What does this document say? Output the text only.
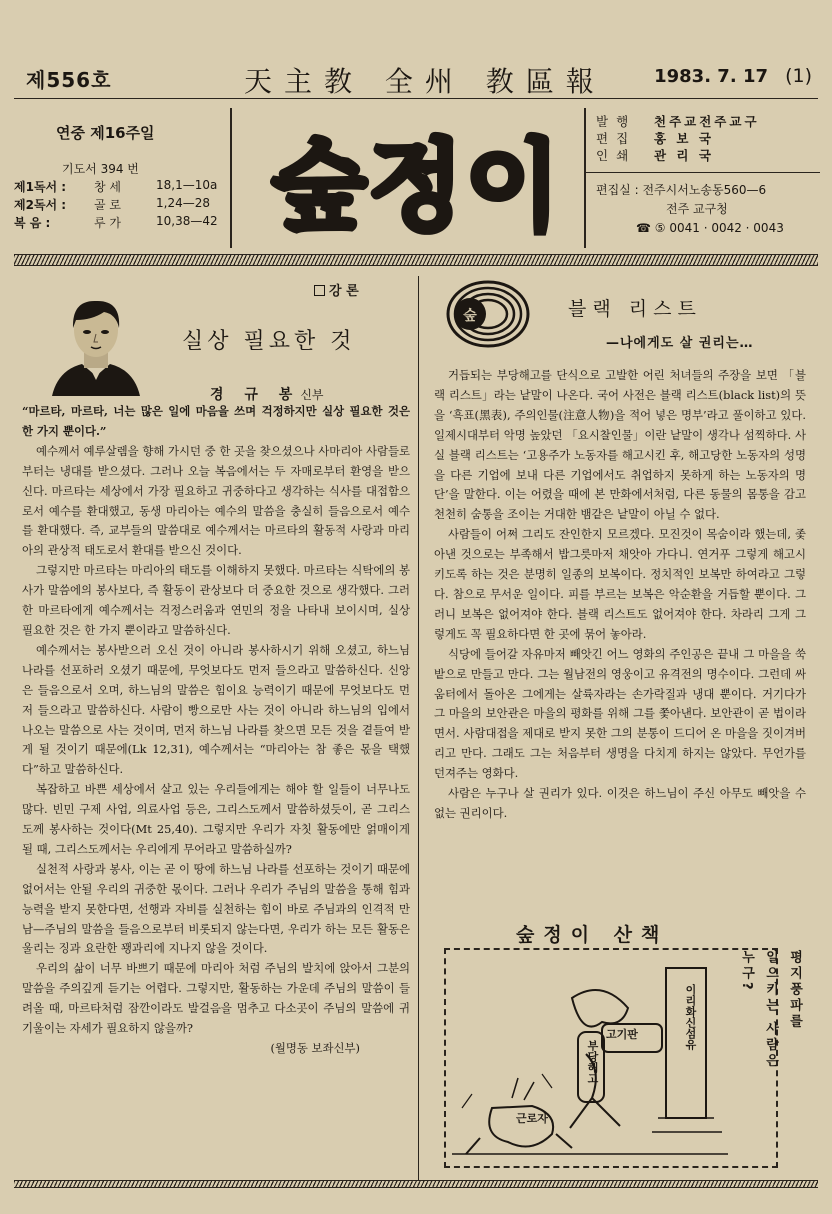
제556호	天主教 全州 教區報	1983. 7. 17 (1)
연중 제16주일
기도서 394 번
제1독서 :	창 세	18,1—10a
제2독서 :	골 로	1,24—28
복 음 :	루 가	10,38—42 숲정이
발행	천주교전주교구
편집	홍 보 국
인쇄	관 리 국
편집실 : 전주시서노송동560—6
전주 교구청
☎ ⑤ 0041 · 0042 · 0043
강 론
실상 필요한 것
경 규 봉신부

“마르타, 마르타, 너는 많은 일에 마음을 쓰며 걱정하지만 실상 필요한 것은 한 가지 뿐이다.”

예수께서 예루살렘을 향해 가시던 중 한 곳을 찾으셨으나 사마리아 사람들로부터는 냉대를 받으셨다. 그러나 오늘 복음에서는 두 자매로부터 환영을 받으신다. 마르타는 세상에서 가장 필요하고 귀중하다고 생각하는 식사를 대접함으로서 예수를 환대했고, 동생 마리아는 예수의 말씀을 충실히 들음으로서 예수를 환대했다. 즉, 교부들의 말씀대로 예수께서는 마르타의 활동적 사랑과 마리아의 관상적 태도로서 환대를 받으신 것이다.

그렇지만 마르타는 마리아의 태도를 이해하지 못했다. 마르타는 식탁에의 봉사가 말씀에의 봉사보다, 즉 활동이 관상보다 더 중요한 것으로 생각했다. 그러한 마르타에게 예수께서는 걱정스러움과 연민의 정을 나타내 보이시며, 실상 필요한 것은 한 가지 뿐이라고 말씀하신다.

예수께서는 봉사받으러 오신 것이 아니라 봉사하시기 위해 오셨고, 하느님 나라를 선포하러 오셨기 때문에, 무엇보다도 먼저 들으라고 말씀하신다. 신앙은 들음으로서 오며, 하느님의 말씀은 힘이요 능력이기 때문에 무엇보다도 먼저 들으라고 말씀하신다. 사람이 빵으로만 사는 것이 아니라 하느님의 입에서 나오는 말씀으로 사는 것이며, 먼저 하느님 나라를 찾으면 모든 것을 곁들여 받게 될 것이기 때문에(Lk 12,31), 예수께서는 “마리아는 참 좋은 몫을 택했다”하고 말씀하신다.

복잡하고 바쁜 세상에서 살고 있는 우리들에게는 해야 할 일들이 너무나도 많다. 빈민 구제 사업, 의료사업 등은, 그리스도께서 말씀하셨듯이, 곧 그리스도께 봉사하는 것이다(Mt 25,40). 그렇지만 우리가 자칫 활동에만 얽매이게 될 때, 그리스도께서는 우리에게 무어라고 말씀하실까?

실천적 사랑과 봉사, 이는 곧 이 땅에 하느님 나라를 선포하는 것이기 때문에 없어서는 안될 우리의 귀중한 몫이다. 그러나 우리가 주님의 말씀을 통해 힘과 능력을 받지 못한다면, 선행과 자비를 실천하는 힘이 바로 주님과의 인격적 만남—주님의 말씀을 들음으로부터 비롯되지 않는다면, 우리가 하는 모든 활동은 울리는 징과 요란한 꽹과리에 지나지 않을 것이다.

우리의 삶이 너무 바쁘기 때문에 마리아 처럼 주님의 발치에 앉아서 그분의 말씀을 주의깊게 듣기는 어렵다. 그렇지만, 활동하는 가운데 주님의 말씀이 들려올 때, 마르타처럼 잠깐이라도 발걸음을 멈추고 다소곳이 주님의 말씀에 귀기울이는 자세가 필요하지 않을까?

(월명동 보좌신부)

숲	블랙 리스트
—나에게도 살 권리는…

거듭되는 부당해고를 단식으로 고발한 어린 처녀들의 주장을 보면 「블랙 리스트」라는 낱말이 나온다. 국어 사전은 블랙 리스트(black list)의 뜻을 ‘흑표(黑表), 주의인물(注意人物)을 적어 넣은 명부’라고 풀이하고 있다. 일제시대부터 악명 높았던 「요시찰인물」이란 낱말이 생각나 섬찍하다. 사실 블랙 리스트는 ‘고용주가 노동자를 해고시킨 후, 해고당한 노동자의 성명을 다른 기업에 보내 다른 기업에서도 취업하지 못하게 하는 노동자의 명단’을 말한다. 이는 어렸을 때에 본 만화에서처럼, 다른 동물의 몸통을 감고 천천히 숨통을 조이는 거대한 뱀같은 낱말이 아닐 수 없다.

사람들이 어쩌 그리도 잔인한지 모르겠다. 모진것이 목숨이라 했는데, 좇아낸 것으로는 부족해서 밥그릇마저 채앗아 가다니. 연거푸 그렇게 해고시키도록 하는 것은 분명히 일종의 보복이다. 정치적인 보복만 하여라고 그렇다. 참으로 무서운 일이다. 피를 부르는 보복은 악순환을 거듭할 뿐이다. 그러니 보복은 없어져야 한다. 블랙 리스트도 없어져야 한다. 차라리 그게 그렇게도 꼭 필요하다면 한 곳에 묶어 놓아라.

식당에 들어갈 자유마저 빼앗긴 어느 영화의 주인공은 끝내 그 마을을 쑥밭으로 만들고 만다. 그는 월남전의 영웅이고 유격전의 명수이다. 그런데 싸움터에서 돌아온 그에게는 살륙자라는 손가락질과 냉대 뿐이다. 거기다가 그 마을의 보안관은 마을의 평화를 위해 그를 쫓아낸다. 보안관이 곧 법이라면서. 사람대접을 제대로 받지 못한 그의 분통이 드디어 온 마을을 짓이겨버리고 만다. 그래도 그는 처음부터 생명을 다치게 하지는 않았다. 무언가를 던져주는 영화다.

사람은 누구나 살 권리가 있다. 이것은 하느님이 주신 아무도 빼앗을 수 없는 권리이다.

숲정이 산책
이리화신섬유
부당해고
고기판
근로자
누구? 일으키는 사람은 평지풍파를
